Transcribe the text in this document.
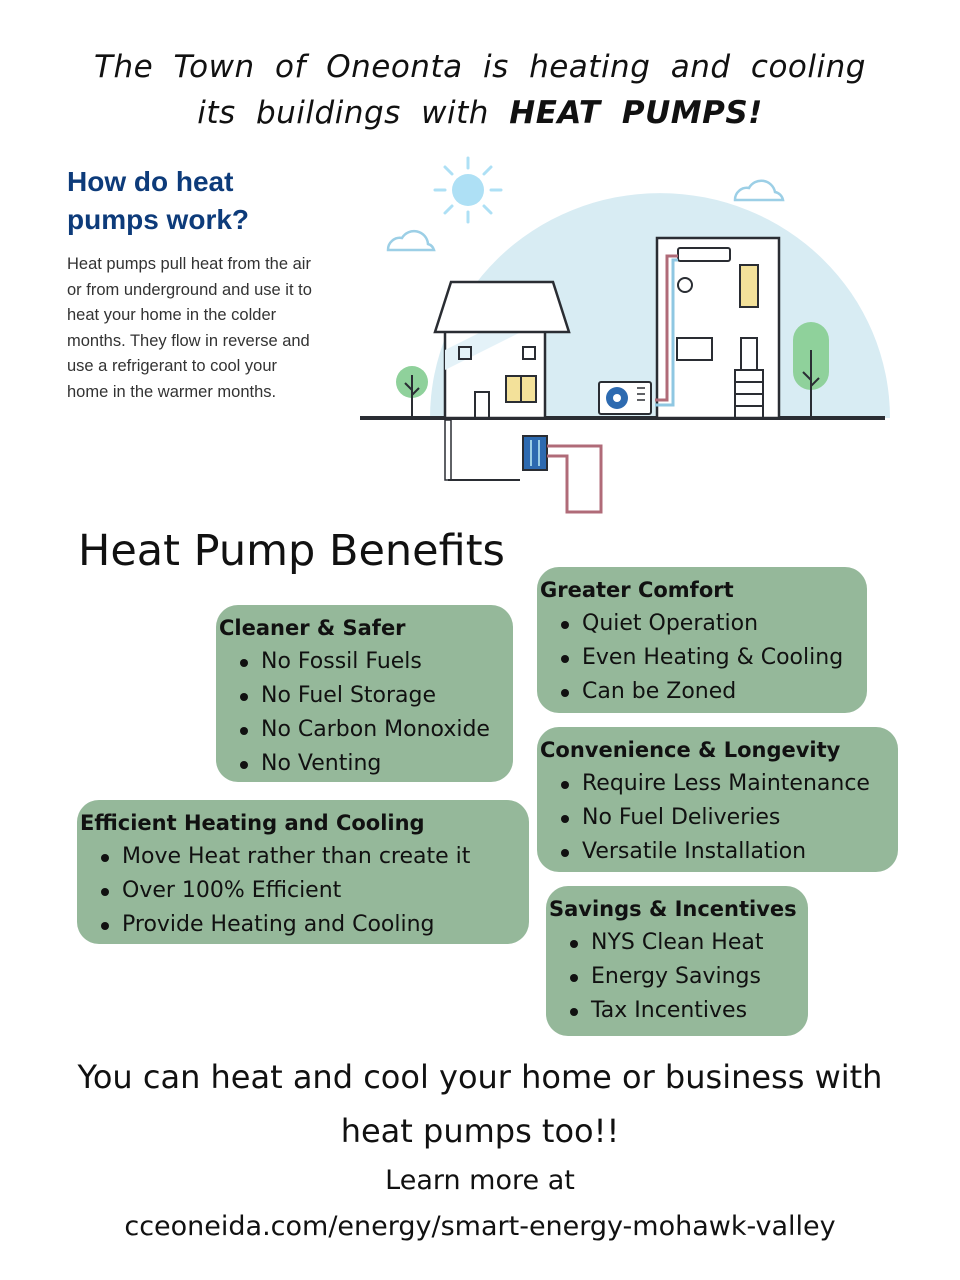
The Town of Oneonta is heating and cooling
its buildings with HEAT PUMPS!
How do heat
pumps work?
Heat pumps pull heat from the air or from underground and use it to heat your home in the colder months. They flow in reverse and use a refrigerant to cool your home in the warmer months.
Heat Pump Benefits
Cleaner & Safer
No Fossil Fuels
No Fuel Storage
No Carbon Monoxide
No Venting
Greater Comfort
Quiet Operation
Even Heating & Cooling
Can be Zoned
Convenience & Longevity
Require Less Maintenance
No Fuel Deliveries
Versatile Installation
Efficient Heating and Cooling
Move Heat rather than create it
Over 100% Efficient
Provide Heating and Cooling
Savings & Incentives
NYS Clean Heat
Energy Savings
Tax Incentives
You can heat and cool your home or business with
heat pumps too!!
Learn more at
cceoneida.com/energy/smart-energy-mohawk-valley
